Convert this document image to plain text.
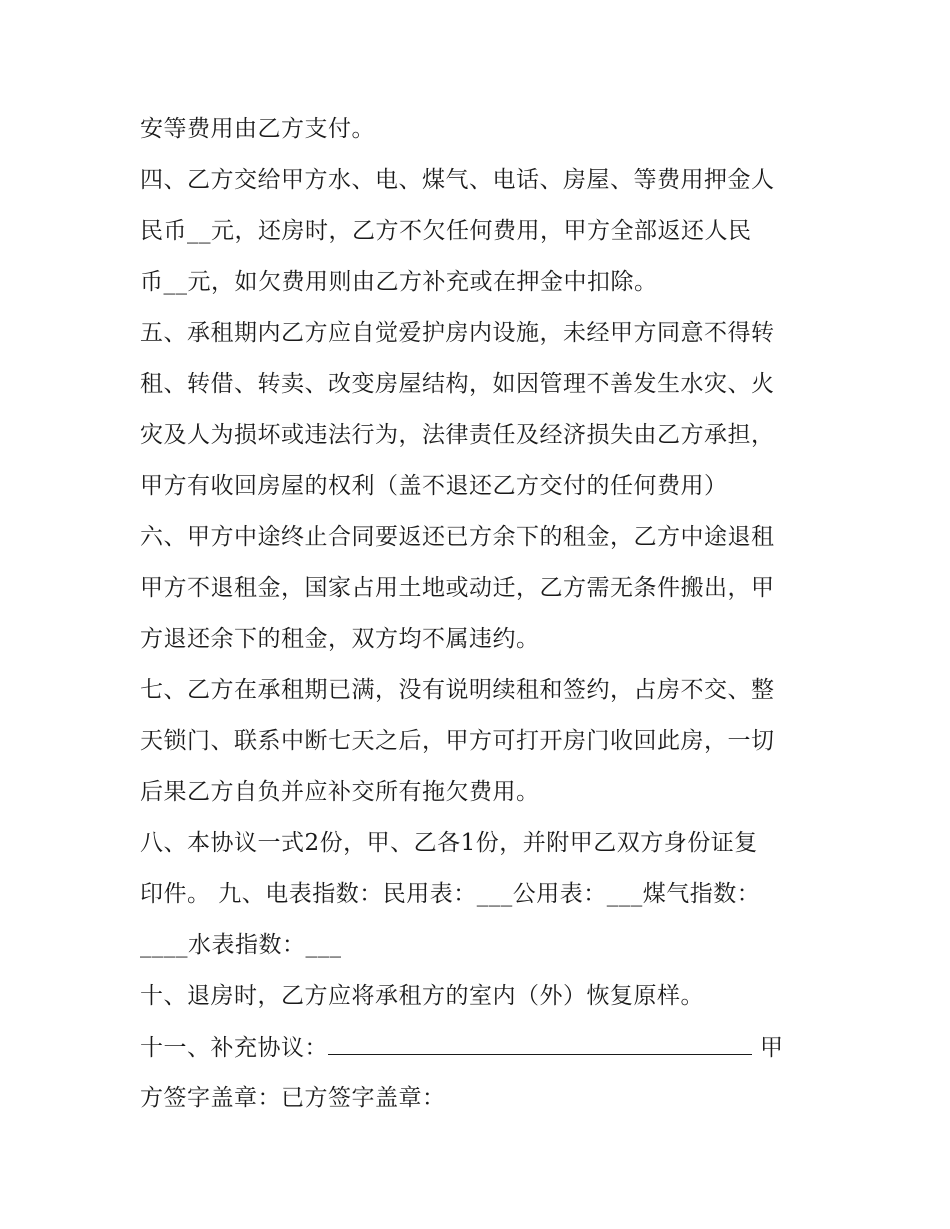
安等费用由乙方支付。
四、乙方交给甲方水、电、煤气、电话、房屋、等费用押金人
民币__元，还房时，乙方不欠任何费用，甲方全部返还人民
币__元，如欠费用则由乙方补充或在押金中扣除。
五、承租期内乙方应自觉爱护房内设施，未经甲方同意不得转
租、转借、转卖、改变房屋结构，如因管理不善发生水灾、火
灾及人为损坏或违法行为，法律责任及经济损失由乙方承担，
甲方有收回房屋的权利（盖不退还乙方交付的任何费用）
六、甲方中途终止合同要返还已方余下的租金，乙方中途退租
甲方不退租金，国家占用土地或动迁，乙方需无条件搬出，甲
方退还余下的租金，双方均不属违约。
七、乙方在承租期已满，没有说明续租和签约，占房不交、整
天锁门、联系中断七天之后，甲方可打开房门收回此房，一切
后果乙方自负并应补交所有拖欠费用。
八、本协议一式2份，甲、乙各1份，并附甲乙双方身份证复
印件。 九、电表指数：民用表：___公用表：___煤气指数：
____水表指数：___
十、退房时，乙方应将承租方的室内（外）恢复原样。
十一、补充协议：	甲
方签字盖章：已方签字盖章：
